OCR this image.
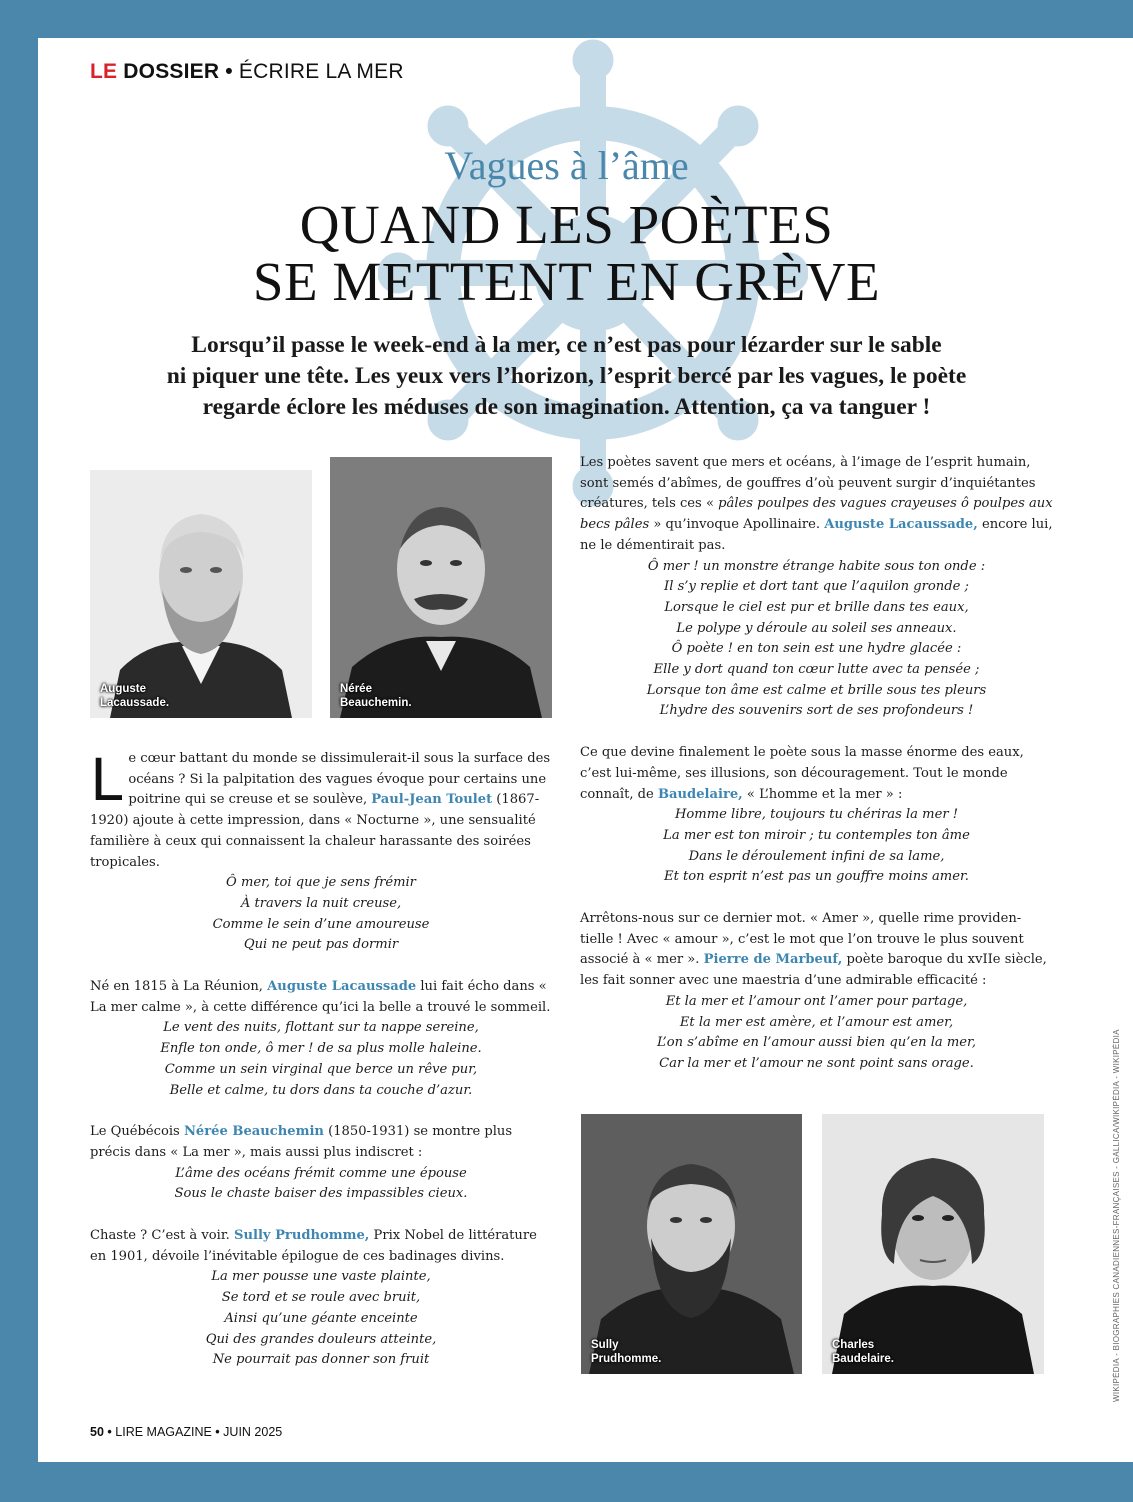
LE DOSSIER • ÉCRIRE LA MER
Vagues à l’âme
QUAND LES POÈTES
SE METTENT EN GRÈVE
Lorsqu’il passe le week-end à la mer, ce n’est pas pour lézarder sur le sable
ni piquer une tête. Les yeux vers l’horizon, l’esprit bercé par les vagues, le poète
regarde éclore les méduses de son imagination. Attention, ça va tanguer !
Auguste
Lacaussade.
Nérée
Beauchemin.

Le cœur battant du monde se dissimulerait-il sous la surface des océans ? Si la palpitation des vagues évoque pour certains une poitrine qui se creuse et se soulève, Paul-Jean Toulet (1867-1920) ajoute à cette impression, dans « Nocturne », une sensualité familière à ceux qui connaissent la chaleur harassante des soirées tropicales.

Ô mer, toi que je sens frémir

À travers la nuit creuse,

Comme le sein d’une amoureuse

Qui ne peut pas dormir

Né en 1815 à La Réunion, Auguste Lacaussade lui fait écho dans « La mer calme », à cette différence qu’ici la belle a trouvé le sommeil.

Le vent des nuits, flottant sur ta nappe sereine,

Enfle ton onde, ô mer ! de sa plus molle haleine.

Comme un sein virginal que berce un rêve pur,

Belle et calme, tu dors dans ta couche d’azur.

Le Québécois Nérée Beauchemin (1850-1931) se montre plus précis dans « La mer », mais aussi plus indiscret :

L’âme des océans frémit comme une épouse

Sous le chaste baiser des impassibles cieux.

Chaste ? C’est à voir. Sully Prudhomme, Prix Nobel de littérature en 1901, dévoile l’inévitable épilogue de ces badinages divins.

La mer pousse une vaste plainte,

Se tord et se roule avec bruit,

Ainsi qu’une géante enceinte

Qui des grandes douleurs atteinte,

Ne pourrait pas donner son fruit

Les poètes savent que mers et océans, à l’image de l’esprit humain, sont semés d’abîmes, de gouffres d’où peuvent surgir d’inquiétantes créatures, tels ces « pâles poulpes des vagues crayeuses ô poulpes aux becs pâles » qu’invoque Apollinaire. Auguste Lacaussade, encore lui, ne le démentirait pas.

Ô mer ! un monstre étrange habite sous ton onde :

Il s’y replie et dort tant que l’aquilon gronde ;

Lorsque le ciel est pur et brille dans tes eaux,

Le polype y déroule au soleil ses anneaux.

Ô poète ! en ton sein est une hydre glacée :

Elle y dort quand ton cœur lutte avec ta pensée ;

Lorsque ton âme est calme et brille sous tes pleurs

L’hydre des souvenirs sort de ses profondeurs !

Ce que devine finalement le poète sous la masse énorme des eaux, c’est lui-même, ses illusions, son découragement. Tout le monde connaît, de Baudelaire, « L’homme et la mer » :

Homme libre, toujours tu chériras la mer !

La mer est ton miroir ; tu contemples ton âme

Dans le déroulement infini de sa lame,

Et ton esprit n’est pas un gouffre moins amer.

Arrêtons-nous sur ce dernier mot. « Amer », quelle rime providen-tielle ! Avec « amour », c’est le mot que l’on trouve le plus souvent associé à « mer ». Pierre de Marbeuf, poète baroque du xvIIe siècle, les fait sonner avec une maestria d’une admirable efficacité :

Et la mer et l’amour ont l’amer pour partage,

Et la mer est amère, et l’amour est amer,

L’on s’abîme en l’amour aussi bien qu’en la mer,

Car la mer et l’amour ne sont point sans orage.

Sully
Prudhomme.
Charles
Baudelaire.	WIKIPÉDIA - BIOGRAPHIES CANADIENNES-FRANÇAISES - GALLICA/WIKIPÉDIA - WIKIPÉDIA
50 • LIRE MAGAZINE • JUIN 2025
